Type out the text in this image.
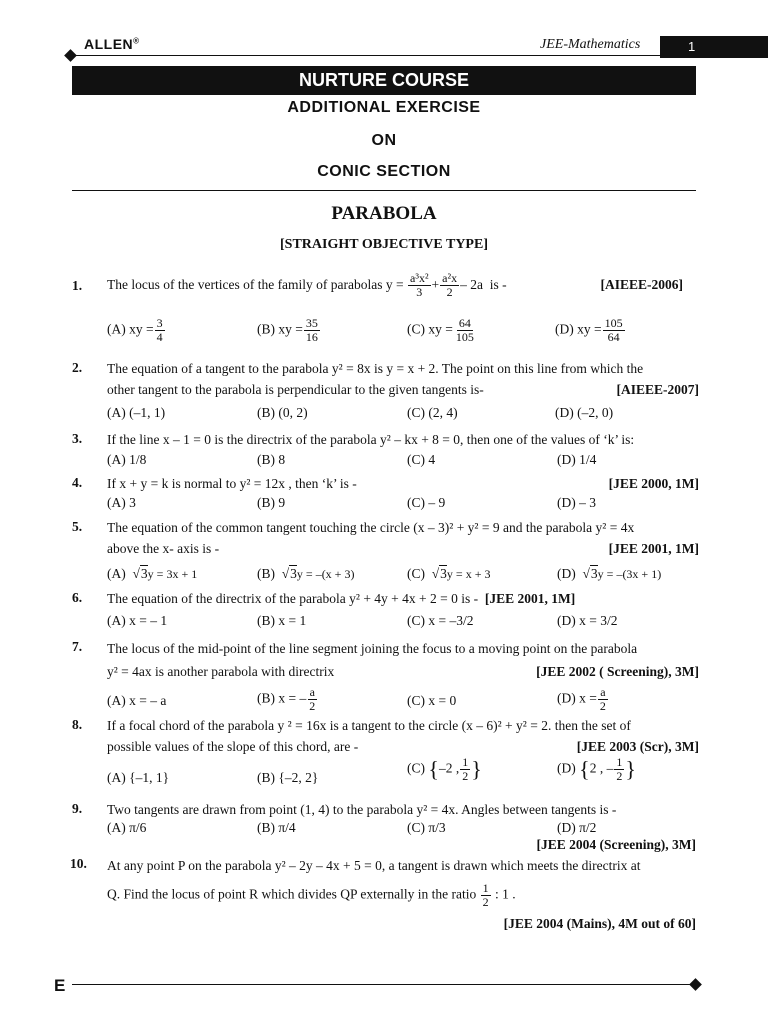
ALLEN®	JEE-Mathematics	1
NURTURE COURSE
ADDITIONAL EXERCISE
ON
CONIC SECTION
PARABOLA
[STRAIGHT OBJECTIVE TYPE]
1. The locus of the vertices of the family of parabolas $y = \frac{\text{a³x²}}{3} + \frac{\text{a²x}}{2} - 2a$ is -	[AIEEE-2006]
(A) xy = $\frac{3}{4}$	(B) xy = $\frac{35}{16}$	(C) xy = $\frac{64}{105}$	(D) xy = $\frac{105}{64}$
2. The equation of a tangent to the parabola y² = 8x is y = x + 2. The point on this line from which the
other tangent to the parabola is perpendicular to the given tangents is-	[AIEEE-2007]
(A) (–1, 1)	(B) (0, 2)	(C) (2, 4)	(D) (–2, 0)
3. If the line x – 1 = 0 is the directrix of the parabola y² – kx + 8 = 0, then one of the values of ‘k’ is:
(A) 1/8	(B) 8	(C) 4	(D) 1/4
4. If x + y = k is normal to y² = 12x , then ‘k’ is -	[JEE 2000, 1M]
(A) 3	(B) 9	(C) – 9	(D) – 3
5. The equation of the common tangent touching the circle (x – 3)² + y² = 9 and the parabola y² = 4x
above the x- axis is -	[JEE 2001, 1M]
(A)  √3y = 3x + 1	(B)  √3y = –(x + 3)	(C)  √3y = x + 3	(D)  √3y = –(3x + 1)
6. The equation of the directrix of the parabola y² + 4y + 4x + 2 = 0 is - [JEE 2001, 1M]
(A) x = – 1	(B) x = 1	(C) x = –3/2	(D) x = 3/2
7. The locus of the mid-point of the line segment joining the focus to a moving point on the parabola
y² = 4ax is another parabola with directrix	[JEE 2002 ( Screening), 3M]
(A) x = – a	(B) x = – $\frac{a}{2}$	(C) x = 0	(D) $x = \frac{a}{2}$
8. If a focal chord of the parabola y ² = 16x is a tangent to the circle (x – 6)² + y² = 2. then the set of
possible values of the slope of this chord, are -	[JEE 2003 (Scr), 3M]
(A) {–1, 1}	(B) {–2, 2}
(C) {–2 , $\frac{1}{2}$ }	(D) {2 , – $\frac{1}{2}$ }
9. Two tangents are drawn from point (1, 4) to the parabola y² = 4x. Angles between tangents is -
(A) π/6	(B) π/4	(C) π/3	(D) π/2
[JEE 2004 (Screening), 3M]
10. At any point P on the parabola y² – 2y – 4x + 5 = 0, a tangent is drawn which meets the directrix at
Q. Find the locus of point R which divides QP externally in the ratio $\frac{1}{2}$ : 1 .
[JEE 2004 (Mains), 4M out of 60]
E
